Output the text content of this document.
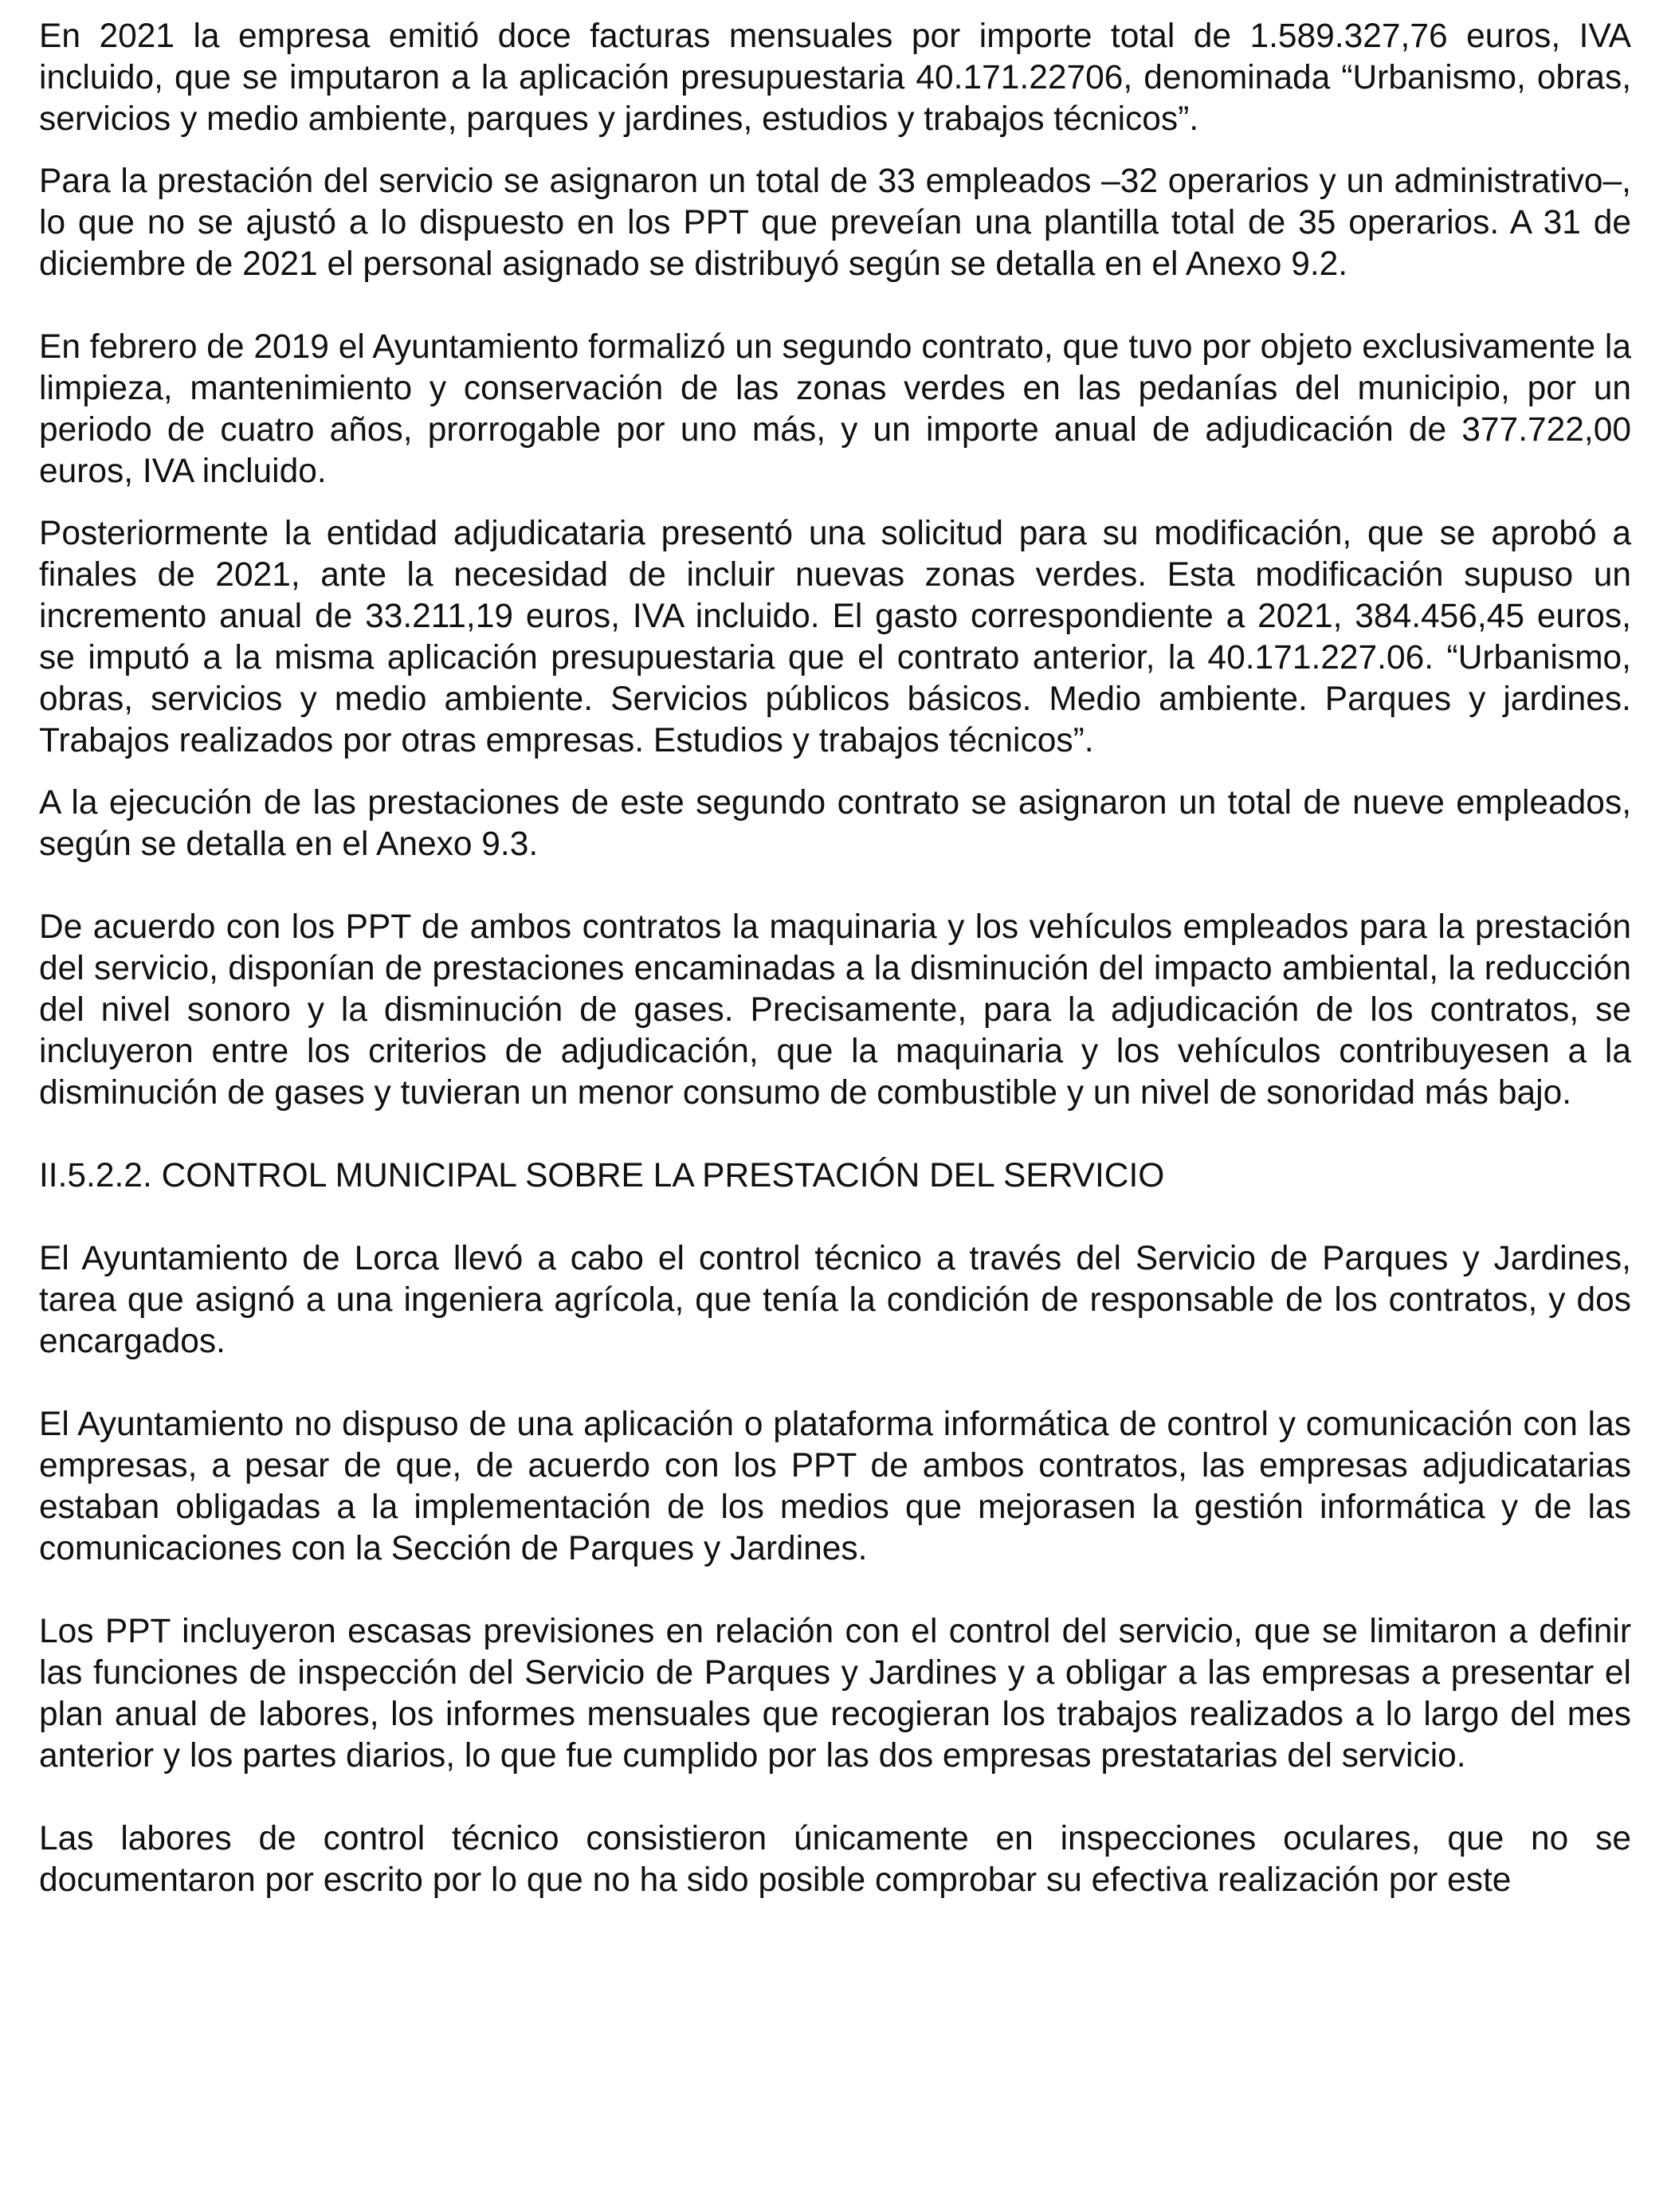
En 2021 la empresa emitió doce facturas mensuales por importe total de 1.589.327,76 euros, IVA incluido, que se imputaron a la aplicación presupuestaria 40.171.22706, denominada “Urbanismo, obras, servicios y medio ambiente, parques y jardines, estudios y trabajos técnicos”.

Para la prestación del servicio se asignaron un total de 33 empleados ‒32 operarios y un administrativo‒, lo que no se ajustó a lo dispuesto en los PPT que preveían una plantilla total de 35 operarios. A 31 de diciembre de 2021 el personal asignado se distribuyó según se detalla en el Anexo 9.2.

En febrero de 2019 el Ayuntamiento formalizó un segundo contrato, que tuvo por objeto exclusivamente la limpieza, mantenimiento y conservación de las zonas verdes en las pedanías del municipio, por un periodo de cuatro años, prorrogable por uno más, y un importe anual de adjudicación de 377.722,00 euros, IVA incluido.

Posteriormente la entidad adjudicataria presentó una solicitud para su modificación, que se aprobó a finales de 2021, ante la necesidad de incluir nuevas zonas verdes. Esta modificación supuso un incremento anual de 33.211,19 euros, IVA incluido. El gasto correspondiente a 2021, 384.456,45 euros, se imputó a la misma aplicación presupuestaria que el contrato anterior, la 40.171.227.06. “Urbanismo, obras, servicios y medio ambiente. Servicios públicos básicos. Medio ambiente. Parques y jardines. Trabajos realizados por otras empresas. Estudios y trabajos técnicos”.

A la ejecución de las prestaciones de este segundo contrato se asignaron un total de nueve empleados, según se detalla en el Anexo 9.3.

De acuerdo con los PPT de ambos contratos la maquinaria y los vehículos empleados para la prestación del servicio, disponían de prestaciones encaminadas a la disminución del impacto ambiental, la reducción del nivel sonoro y la disminución de gases. Precisamente, para la adjudicación de los contratos, se incluyeron entre los criterios de adjudicación, que la maquinaria y los vehículos contribuyesen a la disminución de gases y tuvieran un menor consumo de combustible y un nivel de sonoridad más bajo.

II.5.2.2. CONTROL MUNICIPAL SOBRE LA PRESTACIÓN DEL SERVICIO

El Ayuntamiento de Lorca llevó a cabo el control técnico a través del Servicio de Parques y Jardines, tarea que asignó a una ingeniera agrícola, que tenía la condición de responsable de los contratos, y dos encargados.

El Ayuntamiento no dispuso de una aplicación o plataforma informática de control y comunicación con las empresas, a pesar de que, de acuerdo con los PPT de ambos contratos, las empresas adjudicatarias estaban obligadas a la implementación de los medios que mejorasen la gestión informática y de las comunicaciones con la Sección de Parques y Jardines.

Los PPT incluyeron escasas previsiones en relación con el control del servicio, que se limitaron a definir las funciones de inspección del Servicio de Parques y Jardines y a obligar a las empresas a presentar el plan anual de labores, los informes mensuales que recogieran los trabajos realizados a lo largo del mes anterior y los partes diarios, lo que fue cumplido por las dos empresas prestatarias del servicio.

Las labores de control técnico consistieron únicamente en inspecciones oculares, que no se documentaron por escrito por lo que no ha sido posible comprobar su efectiva realización por este
